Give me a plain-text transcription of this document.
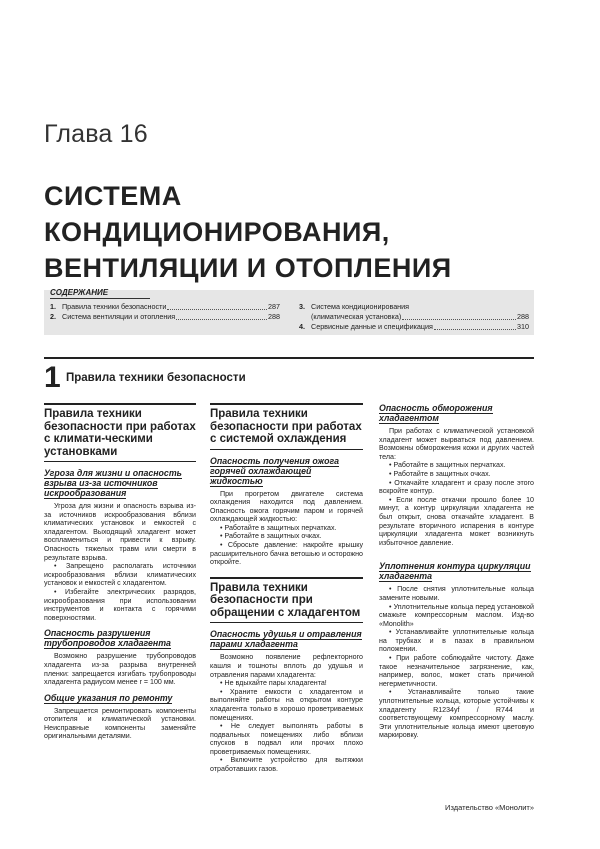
Глава 16
СИСТЕМА
КОНДИЦИОНИРОВАНИЯ,
ВЕНТИЛЯЦИИ И ОТОПЛЕНИЯ
СОДЕРЖАНИЕ
1. Правила техники безопасности	287
2. Система вентиляции и отопления	288
3. Система кондиционирования
(климатическая установка)	288
4. Сервисные данные и спецификация	310
1 Правила техники безопасности
Правила техники безопасности при работах с климати-ческими установками
Угроза для жизни и опасность взрыва из-за источников искрообразования

Угроза для жизни и опасность взрыва из-за источников искрообразования вблизи климатических установок и емкостей с хладагентом. Выходящий хладагент может воспламениться и привести к взрыву. Опасность тяжелых травм или смерти в результате взрыва.

• Запрещено располагать источники искрообразования вблизи климатических установок и емкостей с хладагентом.

• Избегайте электрических разрядов, искрообразования при использовании инструментов и контакта с горячими поверхностями.

Опасность разрушения трубопроводов хладагента

Возможно разрушение трубопроводов хладагента из-за разрыва внутренней пленки: запрещается изгибать трубопроводы хладагента радиусом менее r = 100 мм.

Общие указания по ремонту

Запрещается ремонтировать компоненты отопителя и климатической установки. Неисправные компоненты заменяйте оригинальными деталями.

Правила техники безопасности при работах с системой охлаждения
Опасность получения ожога горячей охлаждающей жидкостью

При прогретом двигателе система охлаждения находится под давлением. Опасность ожога горячим паром и горячей охлаждающей жидкостью:

• Работайте в защитных перчатках.

• Работайте в защитных очках.

• Сбросьте давление: накройте крышку расширительного бачка ветошью и осторожно откройте.

Правила техники безопасности при обращении с хладагентом
Опасность удушья и отравления парами хладагента

Возможно появление рефлекторного кашля и тошноты вплоть до удушья и отравления парами хладагента:

• Не вдыхайте пары хладагента!

• Храните емкости с хладагентом и выполняйте работы на открытом контуре хладагента только в хорошо проветриваемых помещениях.

• Не следует выполнять работы в подвальных помещениях либо вблизи спусков в подвал или прочих плохо проветриваемых помещениях.

• Включите устройство для вытяжки отработавших газов.

Опасность обморожения хладагентом

При работах с климатической установкой хладагент может вырваться под давлением. Возможны обморожения кожи и других частей тела:

• Работайте в защитных перчатках.

• Работайте в защитных очках.

• Откачайте хладагент и сразу после этого вскройте контур.

• Если после откачки прошло более 10 минут, а контур циркуляции хладагента не был открыт, снова откачайте хладагент. В результате вторичного испарения в контуре циркуляции хладагента может возникнуть избыточное давление.

Уплотнения контура циркуляции хладагента

• После снятия уплотнительные кольца замените новыми.

• Уплотнительные кольца перед установкой смажьте компрессорным маслом. Изд-во «Monolith»

• Устанавливайте уплотнительные кольца на трубках и в пазах в правильном положении.

• При работе соблюдайте чистоту. Даже такое незначительное загрязнение, как, например, волос, может стать причиной негерметичности.

• Устанавливайте только такие уплотнительные кольца, которые устойчивы к хладагенту R1234yf / R744 и соответствующему компрессорному маслу. Эти уплотнительные кольца имеют цветовую маркировку.

Издательство «Монолит»
